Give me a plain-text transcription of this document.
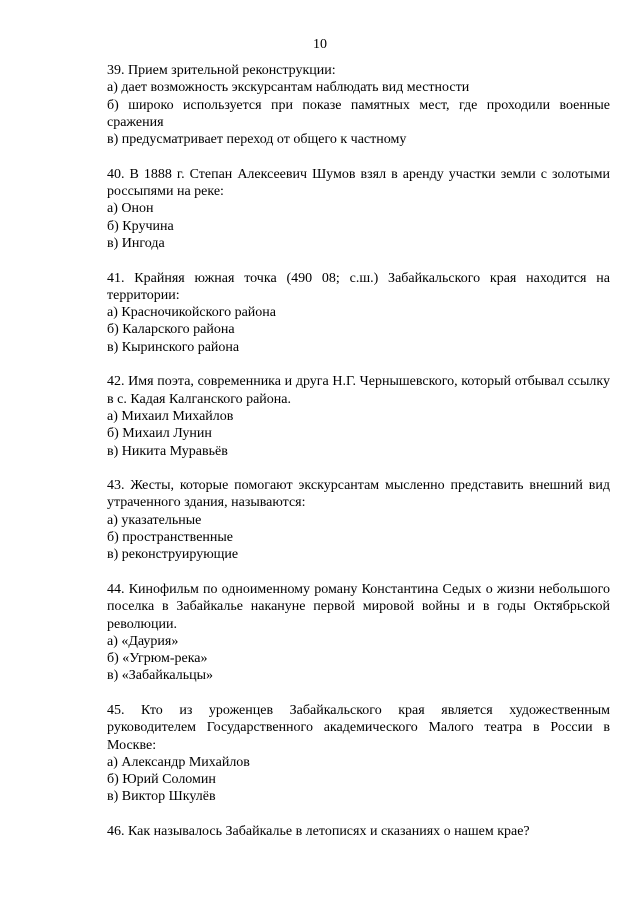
10

39. Прием зрительной реконструкции:

а) дает возможность экскурсантам наблюдать вид местности

б) широко используется при показе памятных мест, где проходили военные сражения

в) предусматривает переход от общего к частному

40. В 1888 г. Степан Алексеевич Шумов взял в аренду участки земли с золотыми россыпями на реке:

а) Онон

б) Кручина

в) Ингода

41. Крайняя южная точка (490 08; с.ш.) Забайкальского края находится на территории:

а) Красночикойского района

б) Каларского района

в) Кыринского района

42. Имя поэта, современника и друга Н.Г. Чернышевского, который отбывал ссылку в с. Кадая Калганского района.

а) Михаил Михайлов

б) Михаил Лунин

в) Никита Муравьёв

43. Жесты, которые помогают экскурсантам мысленно представить внешний вид утраченного здания, называются:

а) указательные

б) пространственные

в) реконструирующие

44. Кинофильм по одноименному роману Константина Седых о жизни небольшого поселка в Забайкалье накануне первой мировой войны и в годы Октябрьской революции.

а) «Даурия»

б) «Угрюм-река»

в) «Забайкальцы»

45. Кто из уроженцев Забайкальского края является художественным руководителем Государственного академического Малого театра в России в Москве:

а) Александр Михайлов

б) Юрий Соломин

в) Виктор Шкулёв

46. Как называлось Забайкалье в летописях и сказаниях о нашем крае?
